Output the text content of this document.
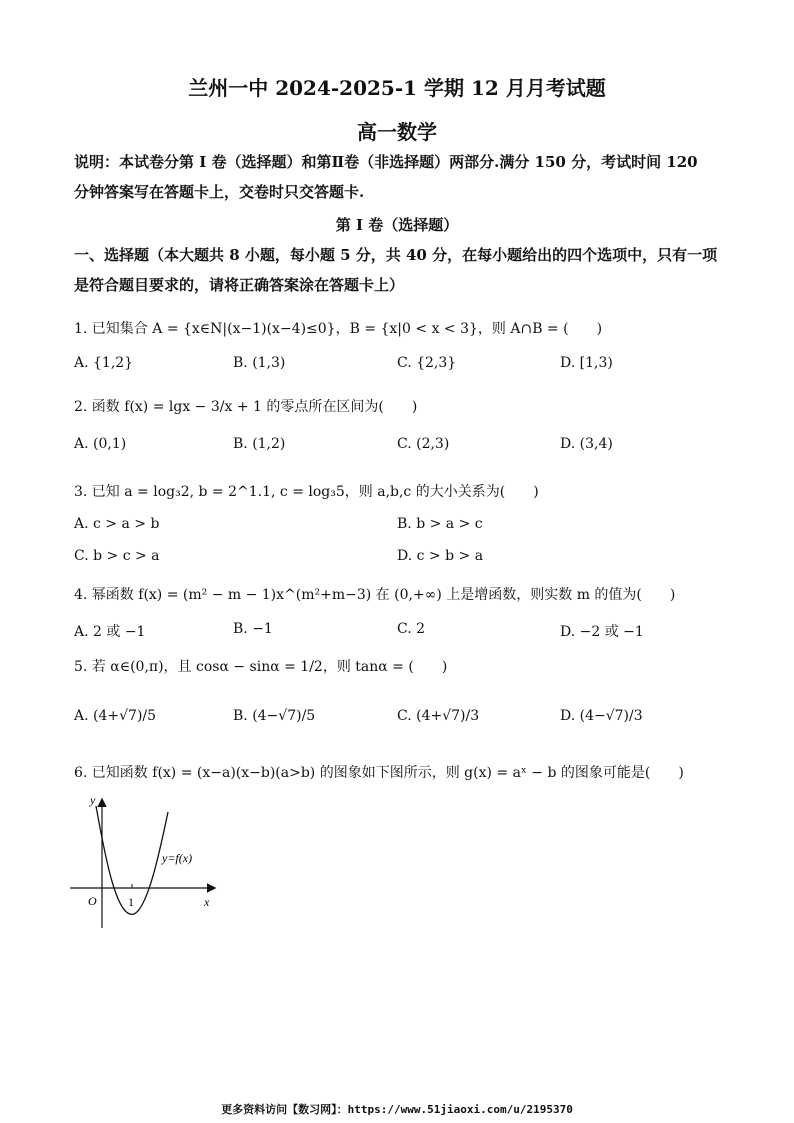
兰州一中 2024-2025-1 学期 12 月月考试题
高一数学
说明：本试卷分第 I 卷（选择题）和第Ⅱ卷（非选择题）两部分.满分 150 分，考试时间 120
分钟答案写在答题卡上，交卷时只交答题卡.
第 I 卷（选择题）
一、选择题（本大题共 8 小题，每小题 5 分，共 40 分，在每小题给出的四个选项中，只有一项
是符合题目要求的，请将正确答案涂在答题卡上）
1. 已知集合 A = {x∈N|(x−1)(x−4)≤0}，B = {x|0 < x < 3}，则 A∩B = (　　)
A. {1,2}	B. (1,3)	C. {2,3}	D. [1,3)
2. 函数 f(x) = lgx − 3/x + 1 的零点所在区间为(　　)
A. (0,1)	B. (1,2)	C. (2,3)	D. (3,4)
3. 已知 a = log₃2, b = 2^1.1, c = log₃5，则 a,b,c 的大小关系为(　　)
A. c > a > b	B. b > a > c
C. b > c > a	D. c > b > a
4. 幂函数 f(x) = (m² − m − 1)x^(m²+m−3) 在 (0,+∞) 上是增函数，则实数 m 的值为(　　)
A. 2 或 −1	B. −1	C. 2	D. −2 或 −1
5. 若 α∈(0,π)，且 cosα − sinα = 1/2，则 tanα = (　　)
A. (4+√7)/5	B. (4−√7)/5	C. (4+√7)/3	D. (4−√7)/3
6. 已知函数 f(x) = (x−a)(x−b)(a>b) 的图象如下图所示，则 g(x) = aˣ − b 的图象可能是(　　)
y
x
O	1
y=f(x)
更多资料访问【数习网】：https://www.51jiaoxi.com/u/2195370
